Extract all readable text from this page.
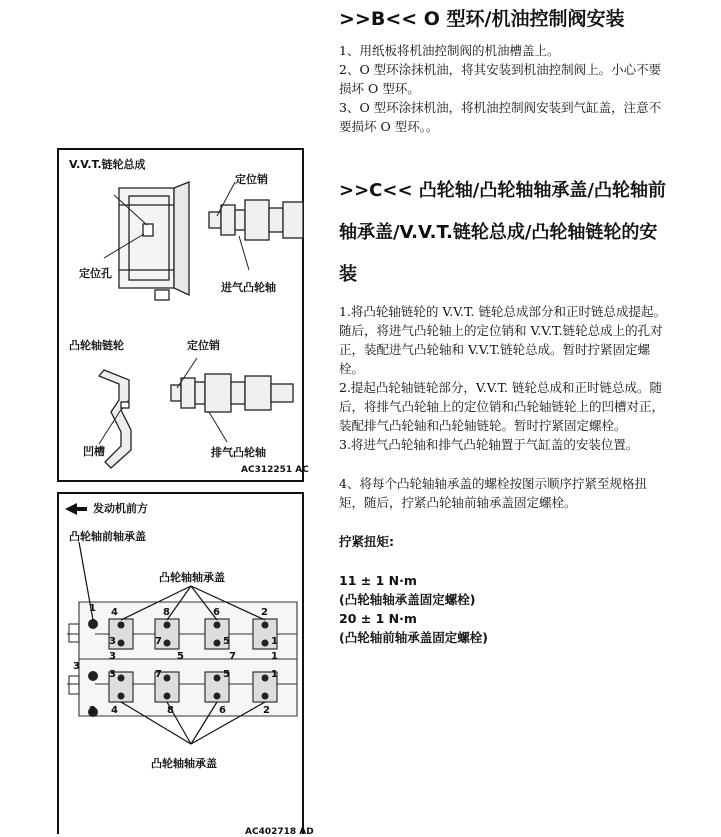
V.V.T.链轮总成
定位销
定位孔
进气凸轮轴
凸轮轴链轮	定位销
凹槽	排气凸轮轴
AC312251 AC
发动机前方
凸轮轴前轴承盖
凸轮轴轴承盖
凸轮轴轴承盖
1 4	8	6	2
3	7	5	1
3	5	7
3
1
3	7	5	1
2
6
8
4
2
AC402718 AD
>>B<< O 型环/机油控制阀安装

1、用纸板将机油控制阀的机油槽盖上。

2、O 型环涂抹机油，将其安装到机油控制阀上。小心不要损坏 O 型环。

3、O 型环涂抹机油，将机油控制阀安装到气缸盖，注意不要损坏 O 型环。。

>>C<< 凸轮轴/凸轮轴轴承盖/凸轮轴前轴承盖/V.V.T.链轮总成/凸轮轴链轮的安装

1.将凸轮轴链轮的 V.V.T. 链轮总成部分和正时链总成提起。随后，将进气凸轮轴上的定位销和 V.V.T.链轮总成上的孔对正，装配进气凸轮轴和 V.V.T.链轮总成。暂时拧紧固定螺栓。

2.提起凸轮轴链轮部分，V.V.T. 链轮总成和正时链总成。随后，将排气凸轮轴上的定位销和凸轮轴链轮上的凹槽对正，装配排气凸轮轴和凸轮轴链轮。暂时拧紧固定螺栓。

3.将进气凸轮轴和排气凸轮轴置于气缸盖的安装位置。

4、将每个凸轮轴轴承盖的螺栓按图示顺序拧紧至规格扭矩，随后，拧紧凸轮轴前轴承盖固定螺栓。

拧紧扭矩:

11 ± 1 N·m

(凸轮轴轴承盖固定螺栓)

20 ± 1 N·m

(凸轮轴前轴承盖固定螺栓)
